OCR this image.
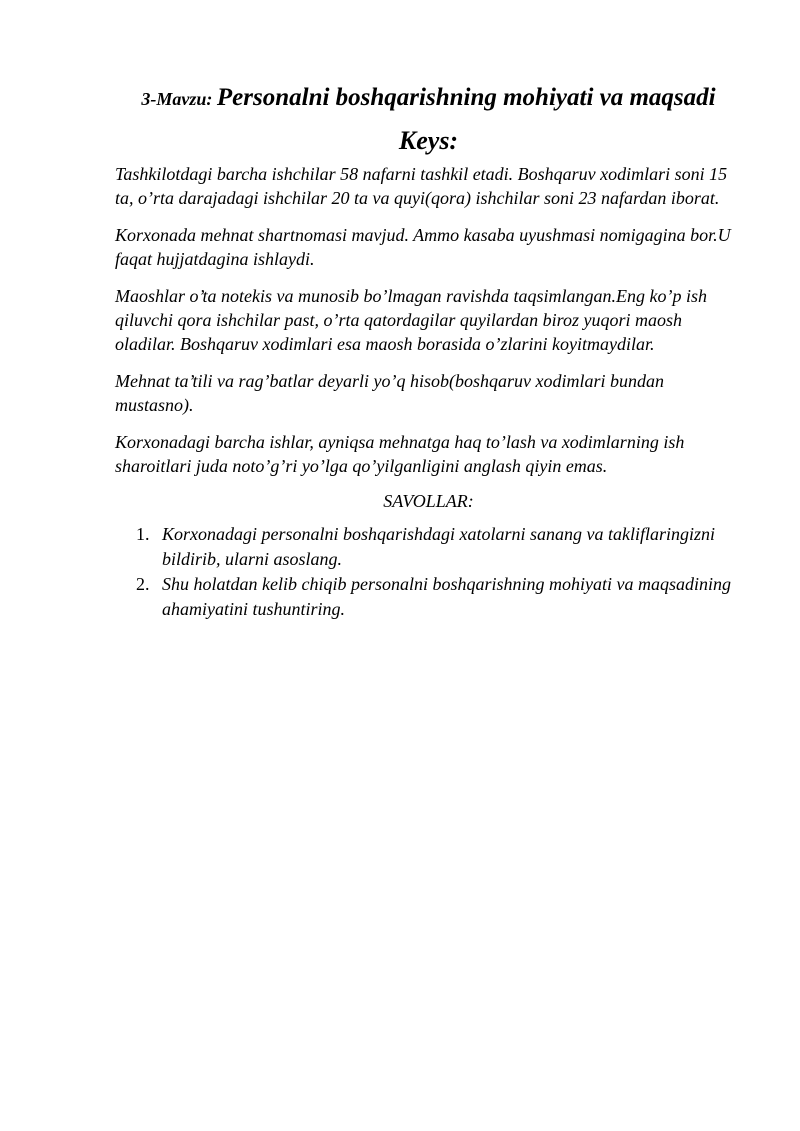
3-Mavzu: Personalni boshqarishning mohiyati va maqsadi
Keys:

Tashkilotdagi barcha ishchilar 58 nafarni tashkil etadi. Boshqaruv xodimlari soni 15 ta, o’rta darajadagi ishchilar 20 ta va quyi(qora) ishchilar soni 23 nafardan iborat.

Korxonada mehnat shartnomasi mavjud. Ammo kasaba uyushmasi nomigagina bor.U faqat hujjatdagina ishlaydi.

Maoshlar o’ta notekis va munosib bo’lmagan ravishda taqsimlangan.Eng ko’p ish qiluvchi qora ishchilar past, o’rta qatordagilar quyilardan biroz yuqori maosh oladilar. Boshqaruv xodimlari esa maosh borasida o’zlarini koyitmaydilar.

Mehnat ta’tili va rag’batlar deyarli yo’q hisob(boshqaruv xodimlari bundan mustasno).

Korxonadagi barcha ishlar, ayniqsa mehnatga haq to’lash va xodimlarning ish sharoitlari juda noto’g’ri yo’lga qo’yilganligini anglash qiyin emas.

SAVOLLAR:

1. Korxonadagi personalni boshqarishdagi xatolarni sanang va takliflaringizni bildirib, ularni asoslang.
2. Shu holatdan kelib chiqib personalni boshqarishning mohiyati va maqsadining ahamiyatini tushuntiring.
